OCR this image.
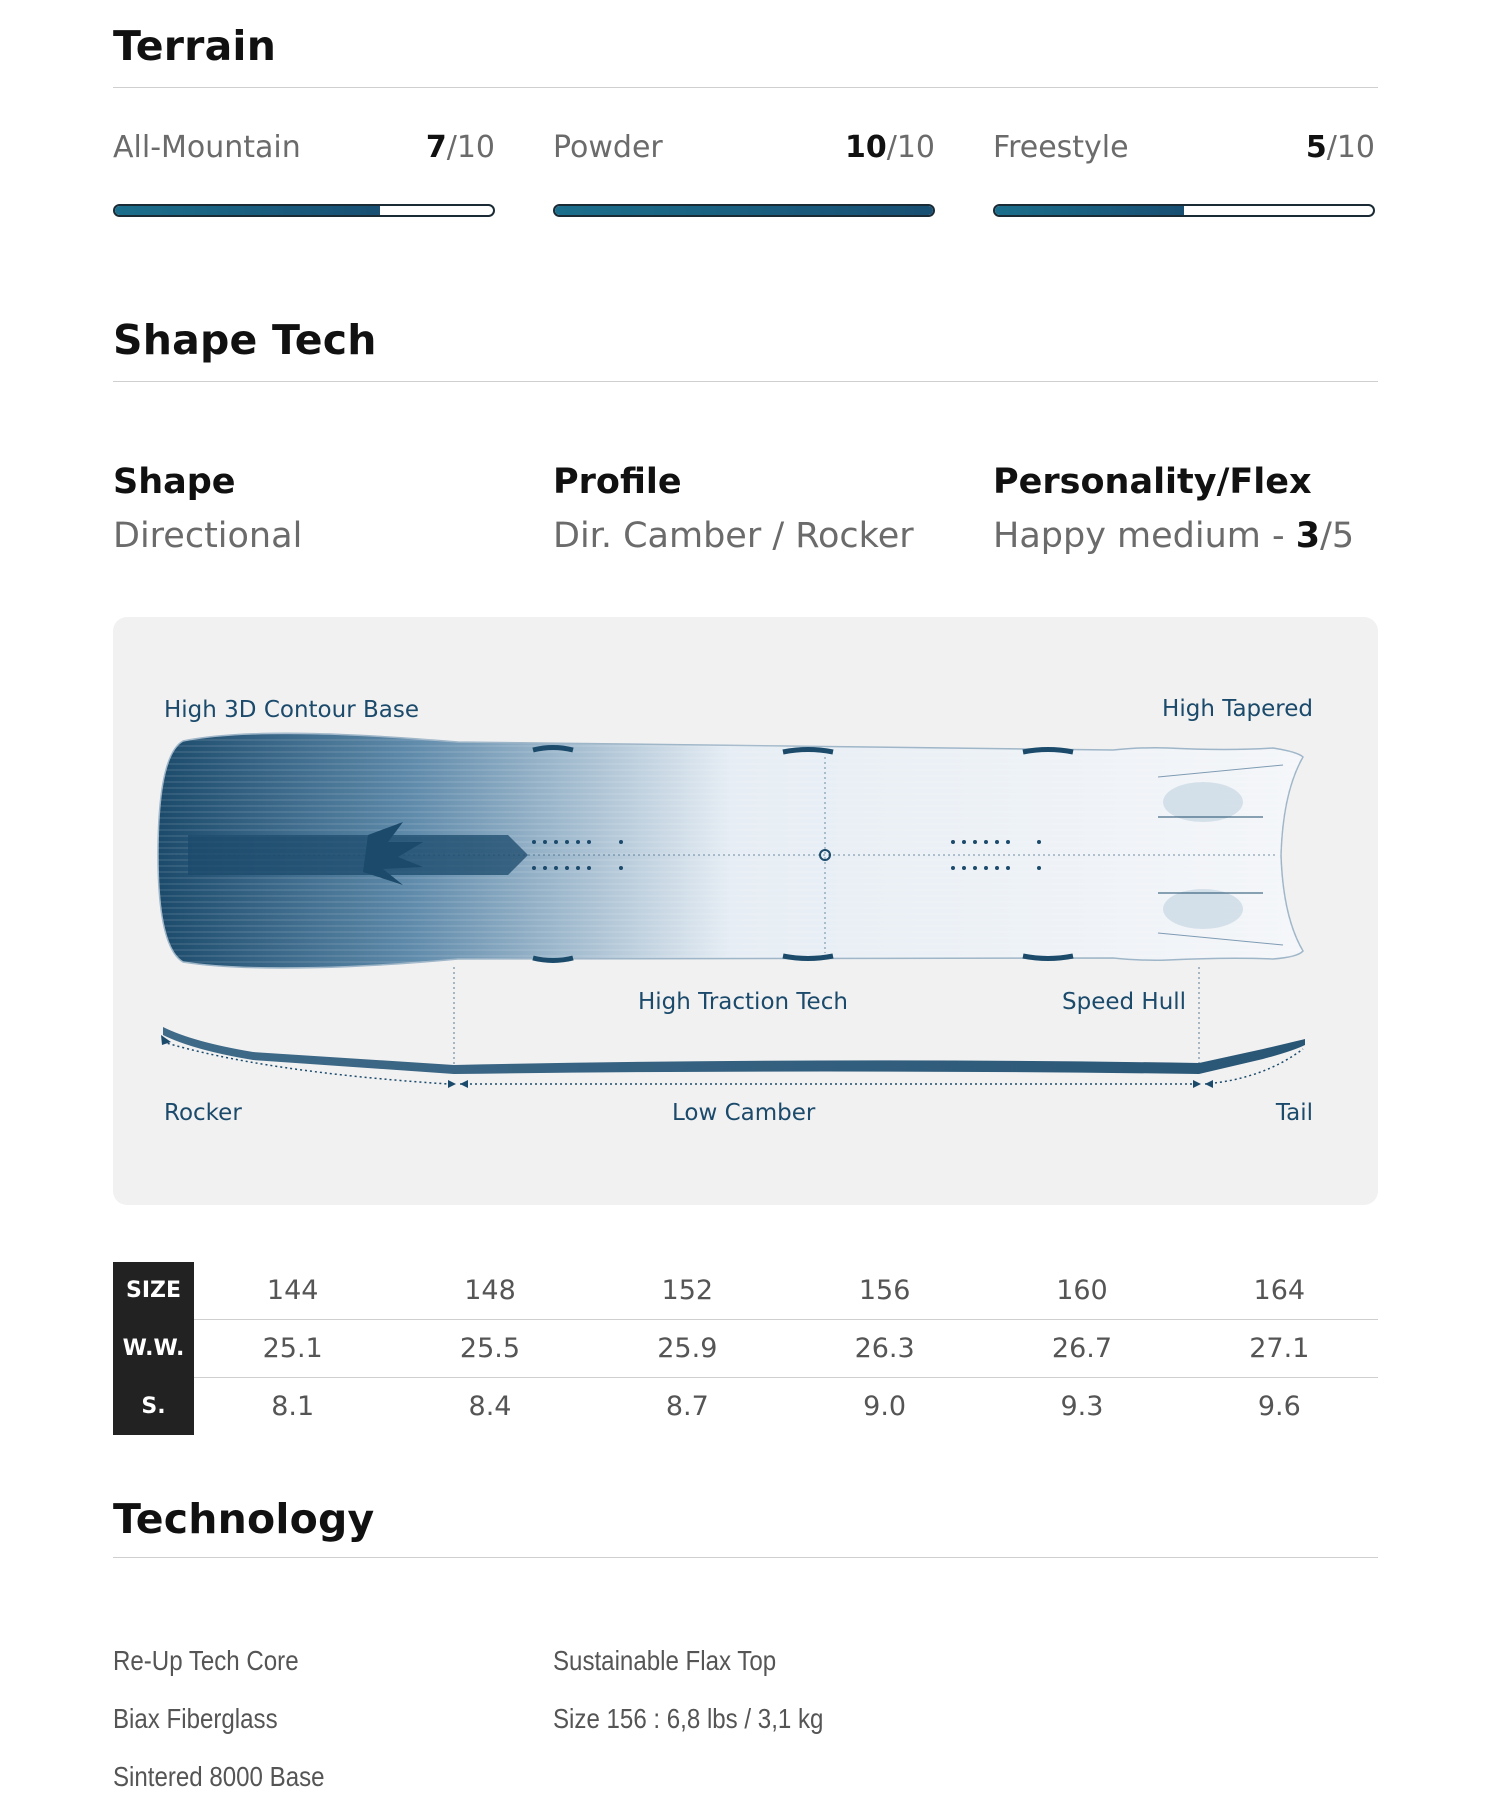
Terrain
All-Mountain	7/10 Powder	10/10 Freestyle	5/10
Shape Tech
Shape
Directional
Profile
Dir. Camber / Rocker
Personality/Flex
Happy medium - 3/5
High 3D Contour Base	High Tapered
High Traction Tech	Speed Hull
Rocker	Low Camber	Tail
SIZE	144	148	152	156	160	164
W.W.	25.1	25.5	25.9	26.3	26.7	27.1
S.	8.1	8.4	8.7	9.0	9.3	9.6
Technology
Re-Up Tech Core
Biax Fiberglass
Sintered 8000 Base
Sustainable Flax Top
Size 156 : 6,8 lbs / 3,1 kg
